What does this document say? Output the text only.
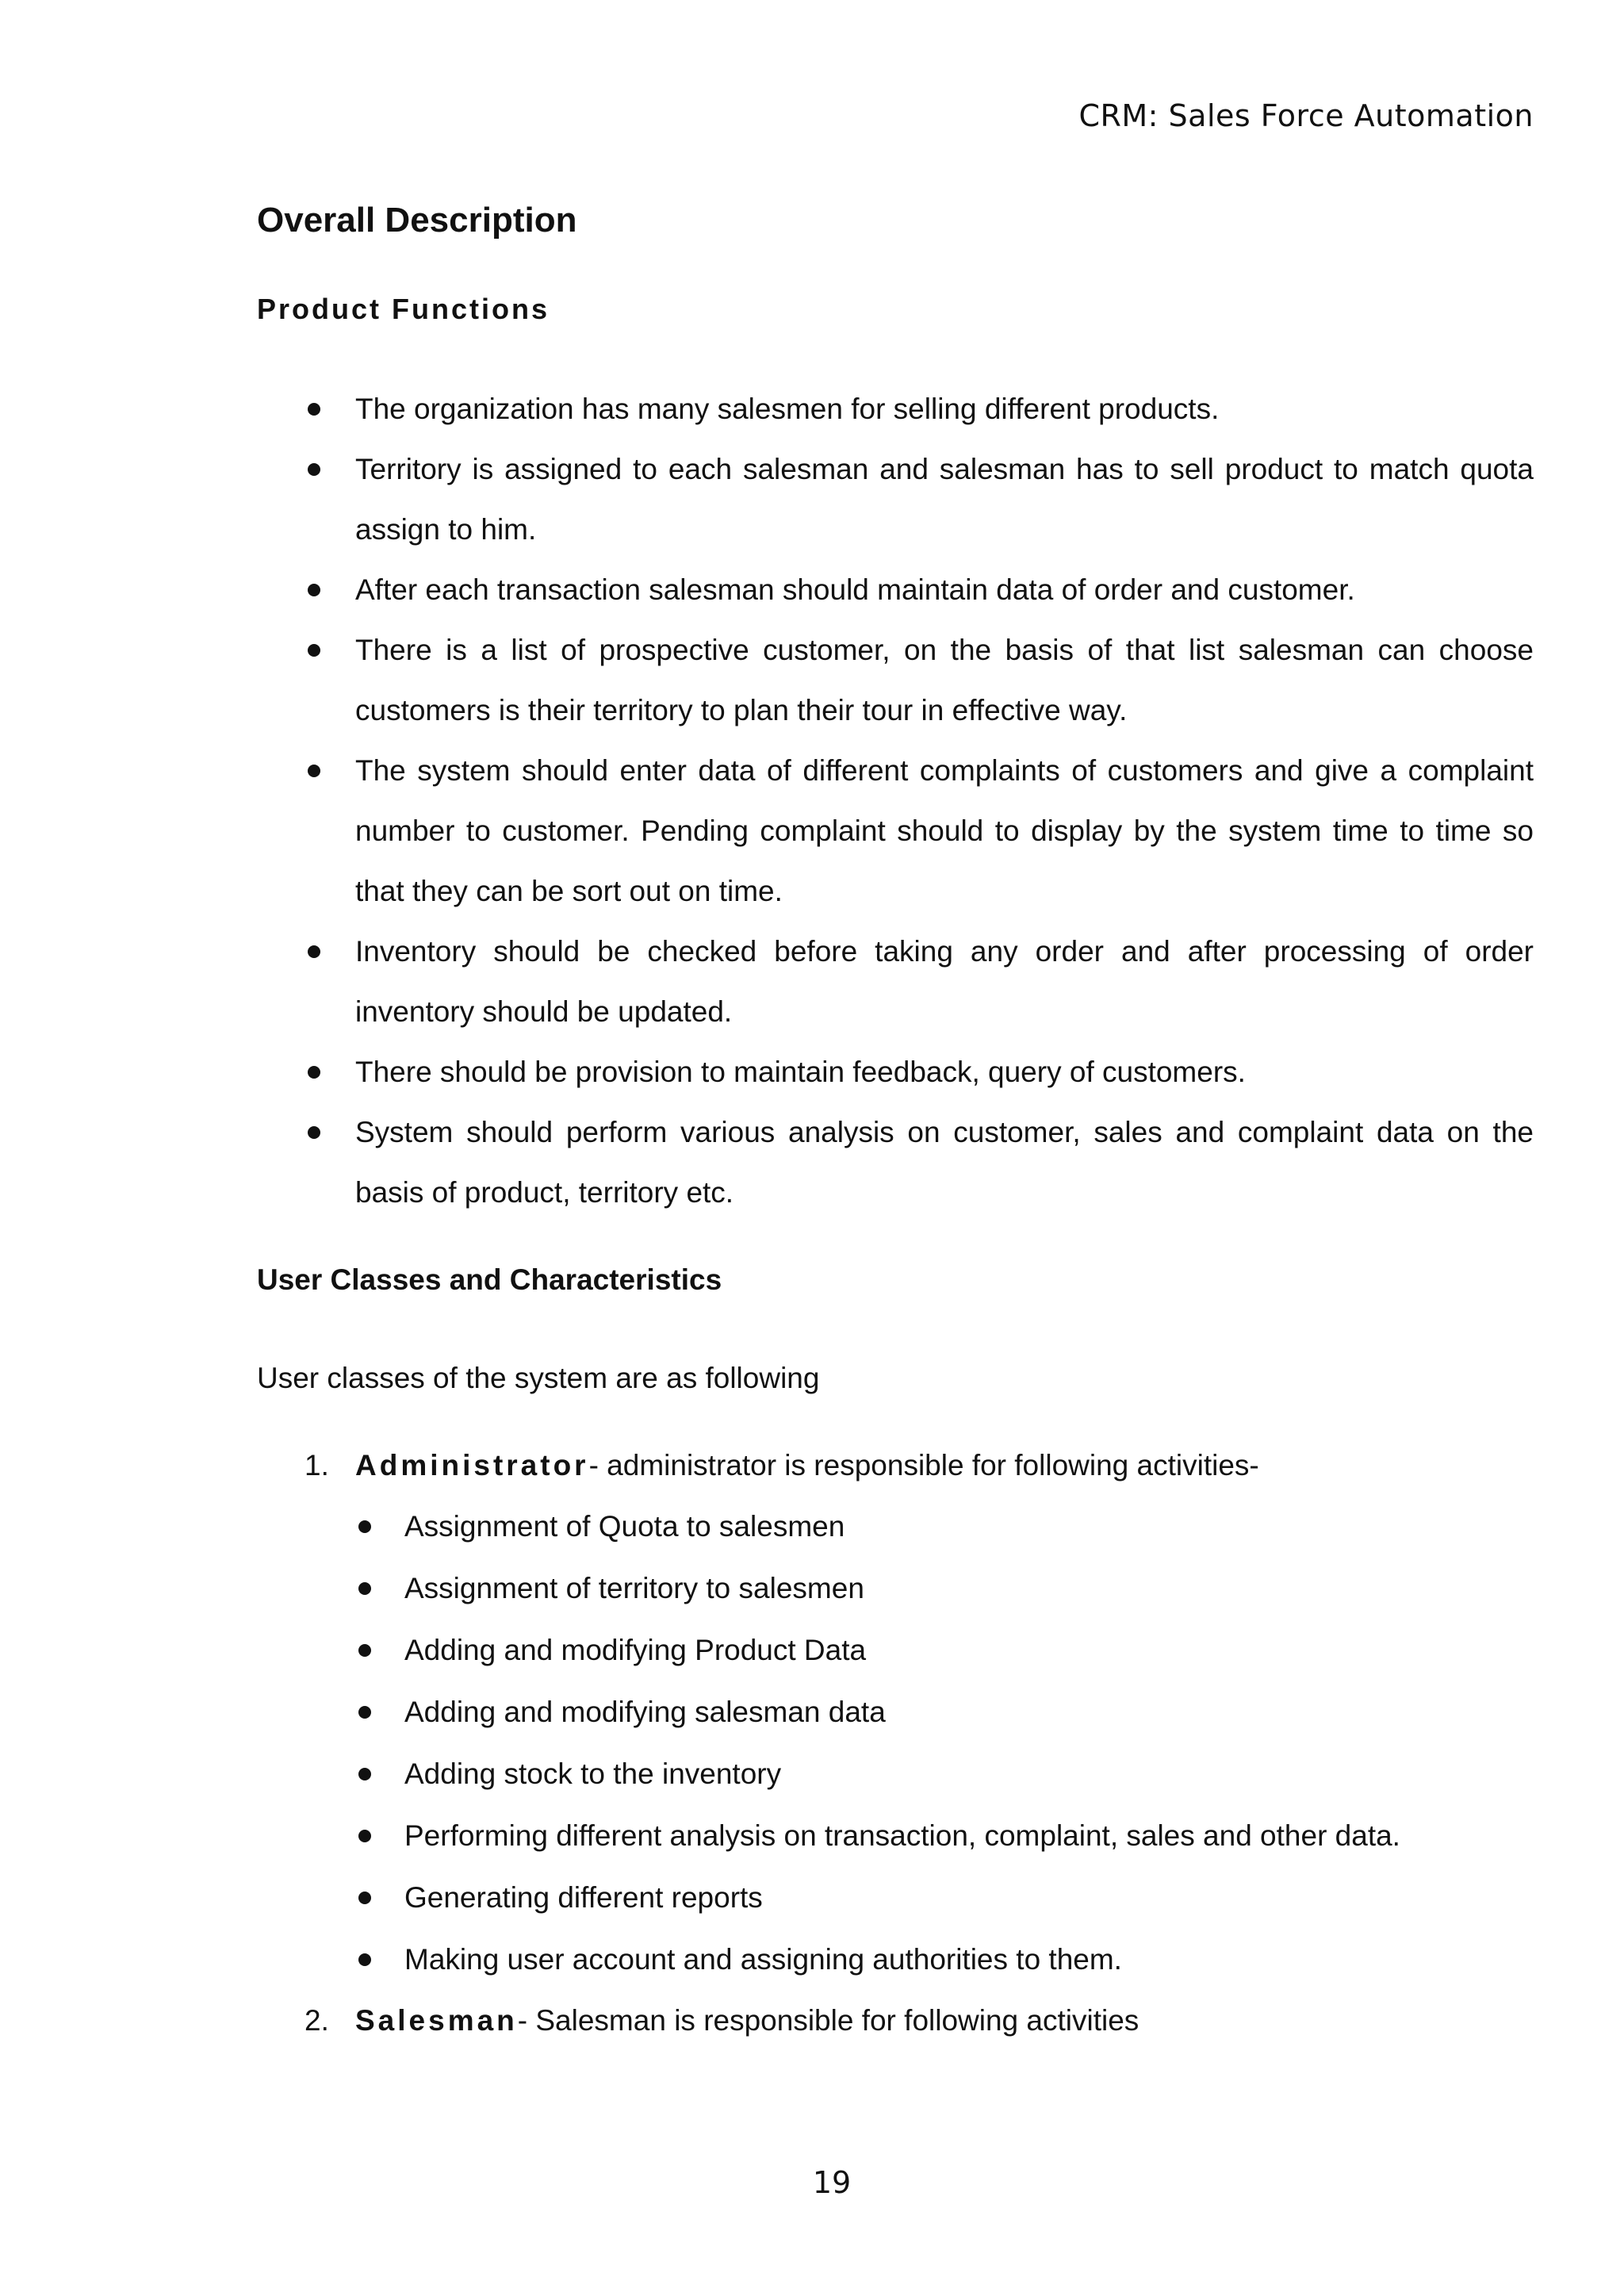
CRM: Sales Force Automation
Overall Description
Product Functions
The organization has many salesmen for selling different products.
Territory is assigned to each salesman and salesman has to sell product to match quota assign to him.
After each transaction salesman should maintain data of order and customer.
There is a list of prospective customer, on the basis of that list salesman can choose customers is their territory to plan their tour in effective way.
The system should enter data of different complaints of customers and give a complaint number to customer. Pending complaint should to display by the system time to time so that they can be sort out on time.
Inventory should be checked before taking any order and after processing of order inventory should be updated.
There should be provision to maintain feedback, query of customers.
System should perform various analysis on customer, sales and complaint data on the basis of product, territory etc.
User Classes and Characteristics

User classes of the system are as following

1. Administrator- administrator is responsible for following activities-
Assignment of Quota to salesmen
Assignment of territory to salesmen
Adding and modifying Product Data
Adding and modifying salesman data
Adding stock to the inventory
Performing different analysis on transaction, complaint, sales and other data.
Generating different reports
Making user account and assigning authorities to them.
2. Salesman- Salesman is responsible for following activities
19
